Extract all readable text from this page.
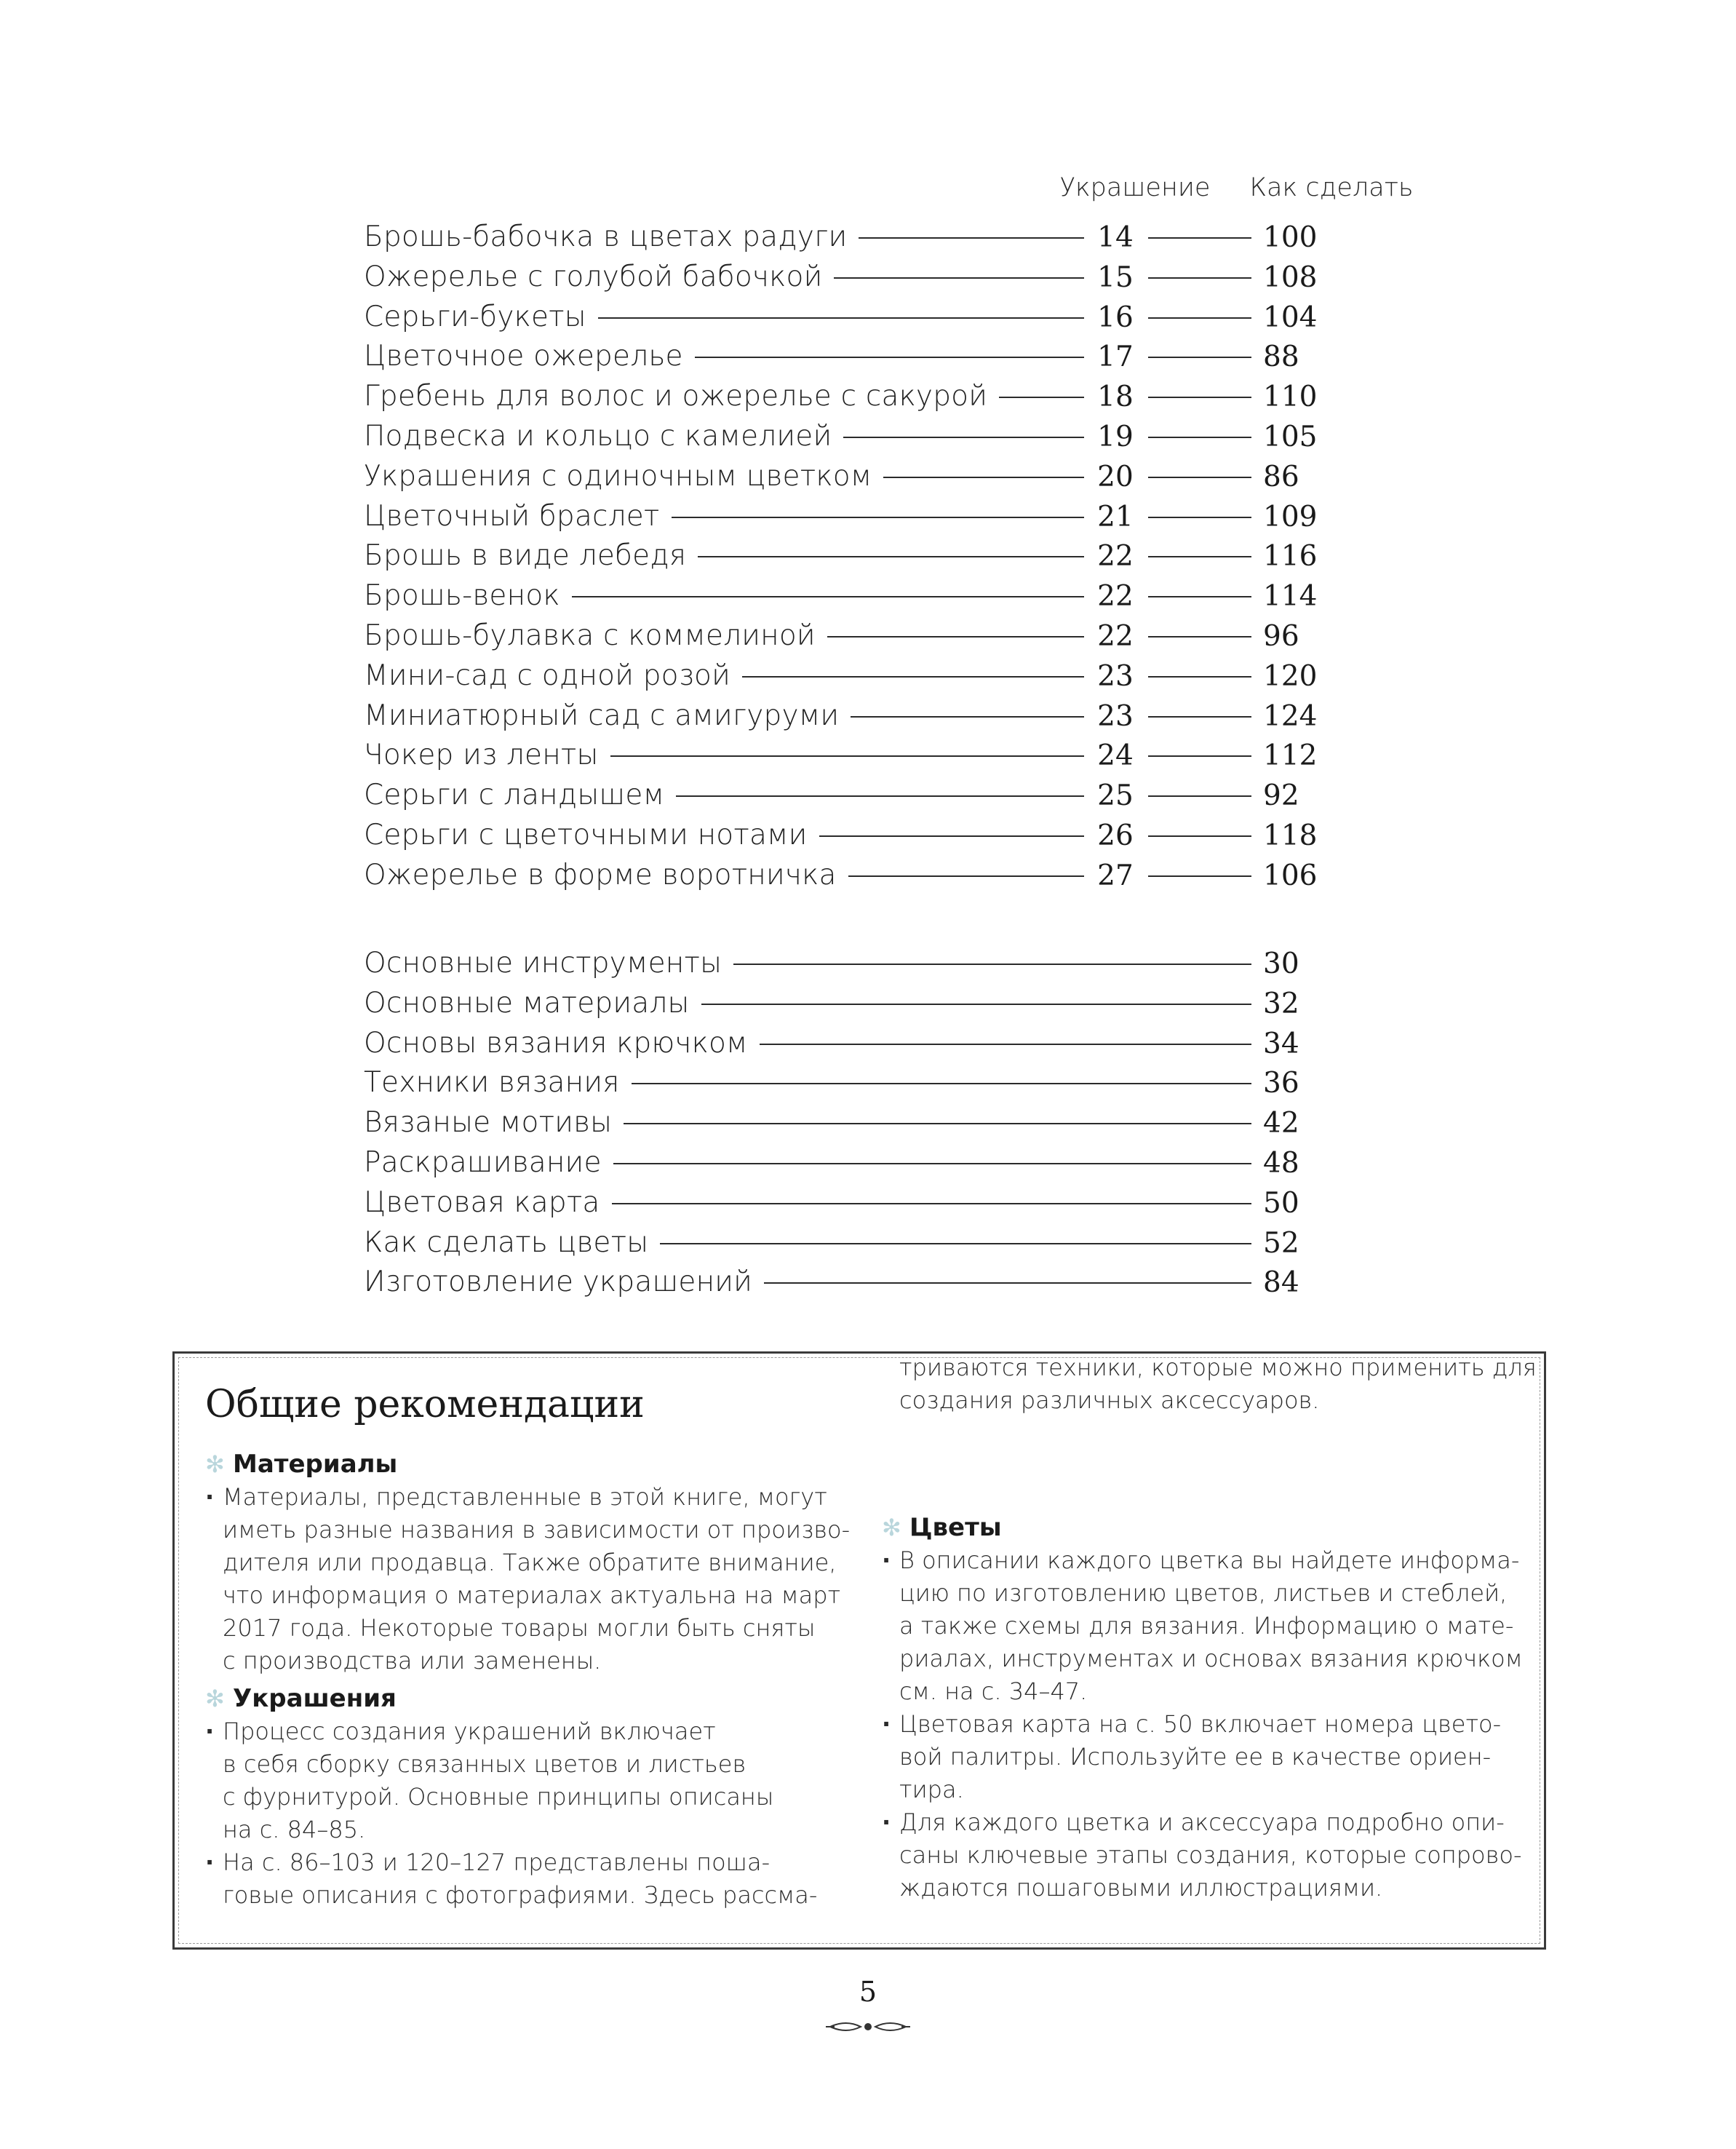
Украшение	Как сделать
Брошь-бабочка в цветах радуги	14	100
Ожерелье с голубой бабочкой	15	108
Серьги-букеты	16	104
Цветочное ожерелье	17	88
Гребень для волос и ожерелье с сакурой	18	110
Подвеска и кольцо с камелией	19	105
Украшения с одиночным цветком	20	86
Цветочный браслет	21	109
Брошь в виде лебедя	22	116
Брошь-венок	22	114
Брошь-булавка с коммелиной	22	96
Мини-сад с одной розой	23	120
Миниатюрный сад с амигуруми	23	124
Чокер из ленты	24	112
Серьги с ландышем	25	92
Серьги с цветочными нотами	26	118
Ожерелье в форме воротничка	27	106
Основные инструменты	30
Основные материалы	32
Основы вязания крючком	34
Техники вязания	36
Вязаные мотивы	42
Раскрашивание	48
Цветовая карта	50
Как сделать цветы	52
Изготовление украшений	84
Общие рекомендации
✻ Материалы
· Материалы, представленные в этой книге, могут
иметь разные названия в зависимости от произво-
дителя или продавца. Также обратите внимание,
что информация о материалах актуальна на март
2017 года. Некоторые товары могли быть сняты
с производства или заменены.
✻ Украшения
· Процесс создания украшений включает
в себя сборку связанных цветов и листьев
с фурнитурой. Основные принципы описаны
на с. 84–85.
· На с. 86–103 и 120–127 представлены поша-
говые описания с фотографиями. Здесь рассма-
триваются техники, которые можно применить для
создания различных аксессуаров.
✻ Цветы
· В описании каждого цветка вы найдете информа-
цию по изготовлению цветов, листьев и стеблей,
а также схемы для вязания. Информацию о мате-
риалах, инструментах и основах вязания крючком
см. на с. 34–47.
· Цветовая карта на с. 50 включает номера цвето-
вой палитры. Используйте ее в качестве ориен-
тира.
· Для каждого цветка и аксессуара подробно опи-
саны ключевые этапы создания, которые сопрово-
ждаются пошаговыми иллюстрациями.
5
